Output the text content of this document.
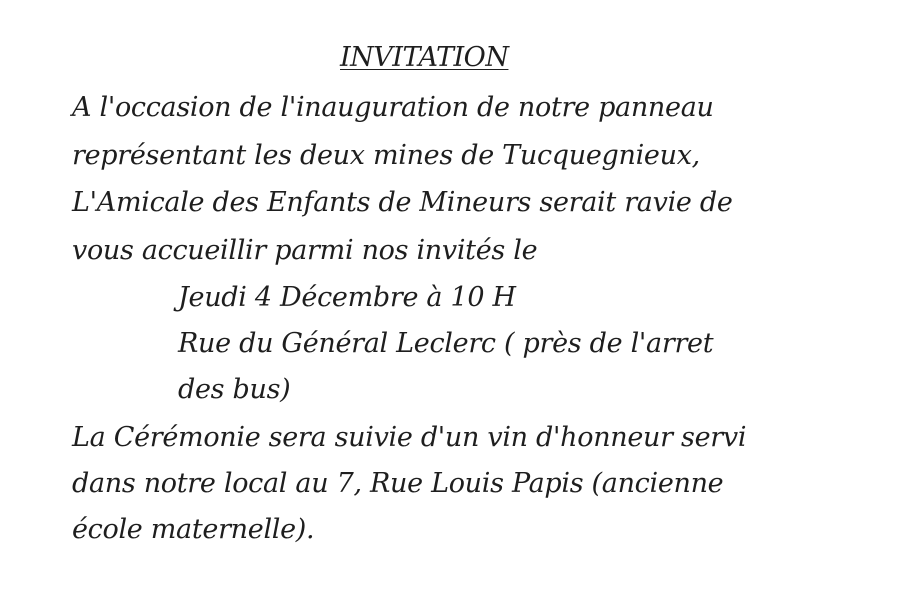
INVITATION
A l'occasion de l'inauguration de notre panneau
représentant les deux mines de Tucquegnieux,
L'Amicale des Enfants de Mineurs serait ravie de
vous accueillir parmi nos invités le
Jeudi 4 Décembre à 10 H
Rue du Général Leclerc ( près de l'arret
des bus)
La Cérémonie sera suivie d'un vin d'honneur servi
dans notre local au 7, Rue Louis Papis (ancienne
école maternelle).
